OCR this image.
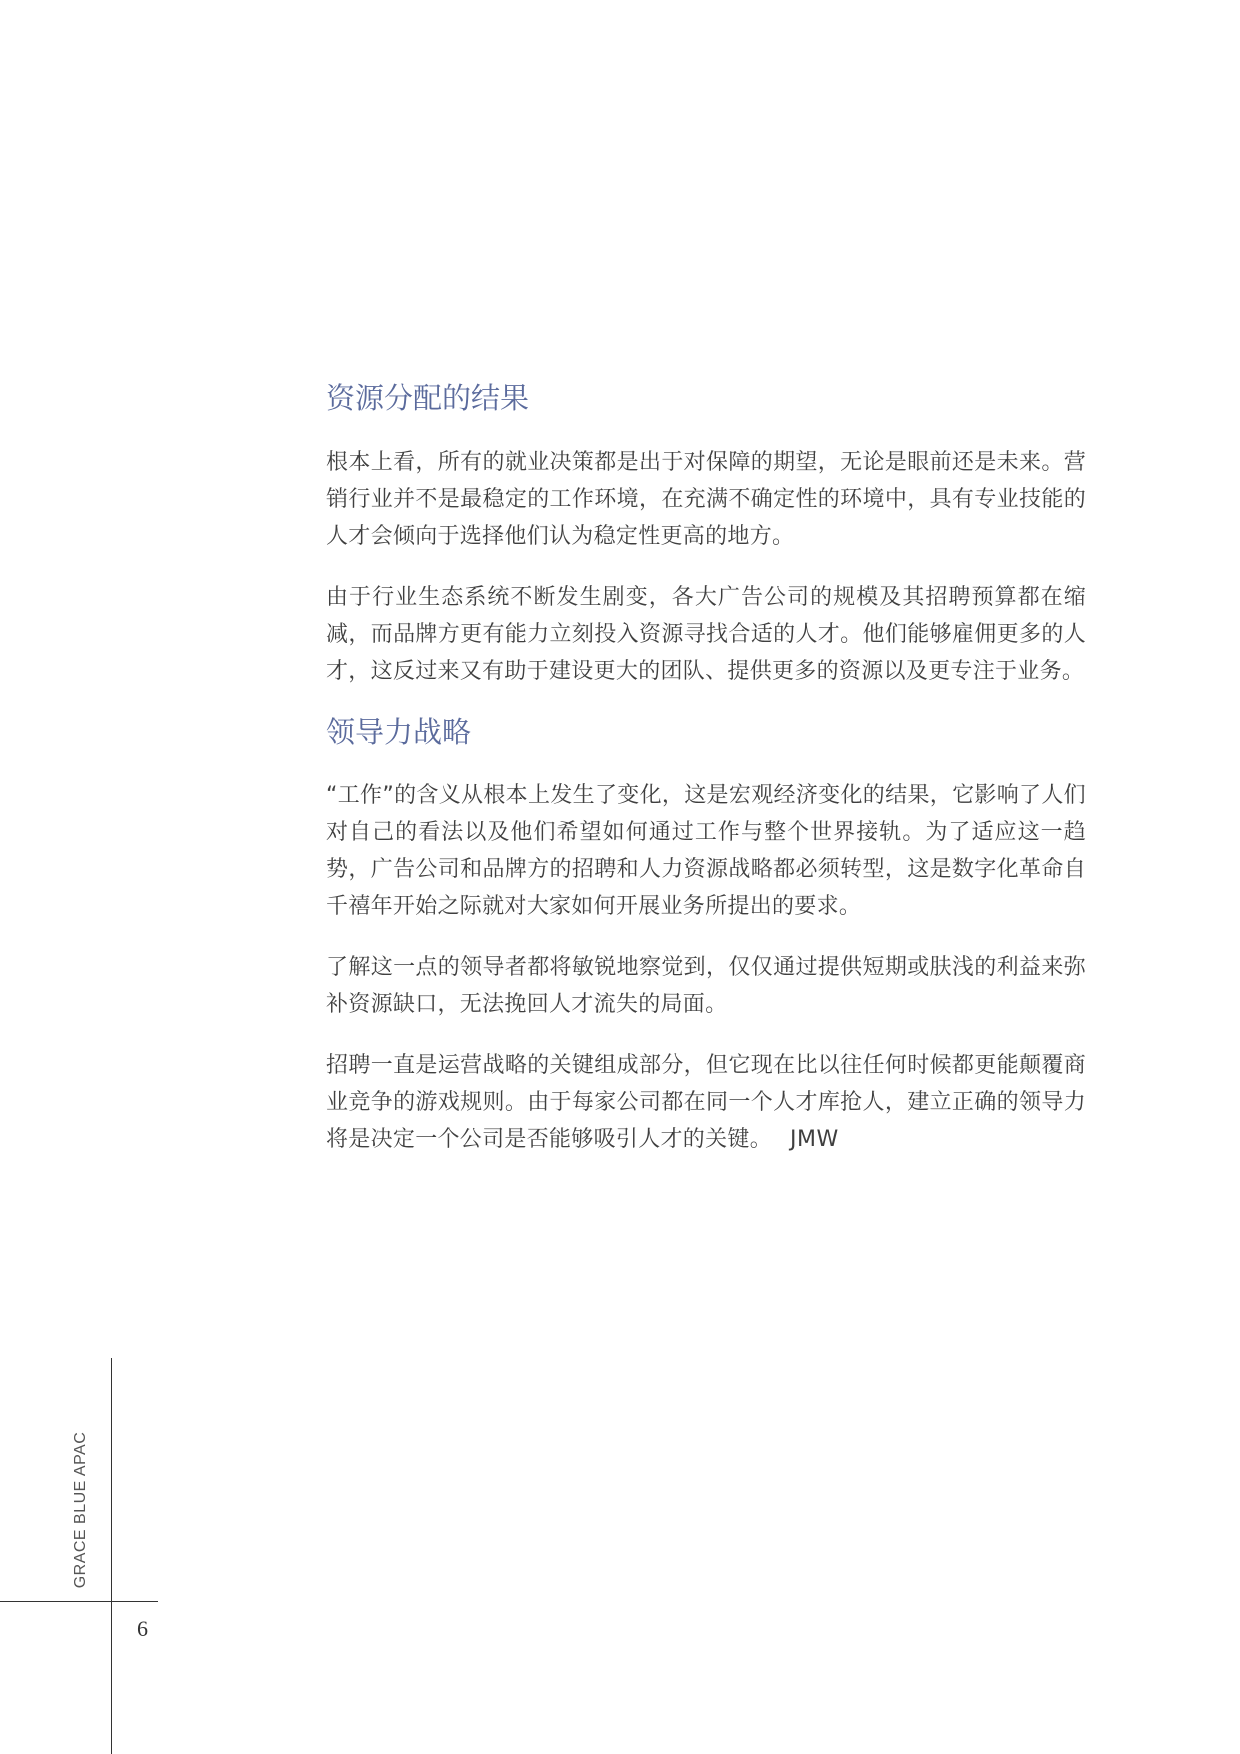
资源分配的结果

根本上看，所有的就业决策都是出于对保障的期望，无论是眼前还是未来。营销行业并不是最稳定的工作环境，在充满不确定性的环境中，具有专业技能的人才会倾向于选择他们认为稳定性更高的地方。

由于行业生态系统不断发生剧变，各大广告公司的规模及其招聘预算都在缩减，而品牌方更有能力立刻投入资源寻找合适的人才。他们能够雇佣更多的人才，这反过来又有助于建设更大的团队、提供更多的资源以及更专注于业务。

领导力战略

“工作”的含义从根本上发生了变化，这是宏观经济变化的结果，它影响了人们对自己的看法以及他们希望如何通过工作与整个世界接轨。为了适应这一趋势，广告公司和品牌方的招聘和人力资源战略都必须转型，这是数字化革命自千禧年开始之际就对大家如何开展业务所提出的要求。

了解这一点的领导者都将敏锐地察觉到，仅仅通过提供短期或肤浅的利益来弥补资源缺口，无法挽回人才流失的局面。

招聘一直是运营战略的关键组成部分，但它现在比以往任何时候都更能颠覆商业竞争的游戏规则。由于每家公司都在同一个人才库抢人，建立正确的领导力将是决定一个公司是否能够吸引人才的关键。 JMW

GRACE BLUE APAC
6
